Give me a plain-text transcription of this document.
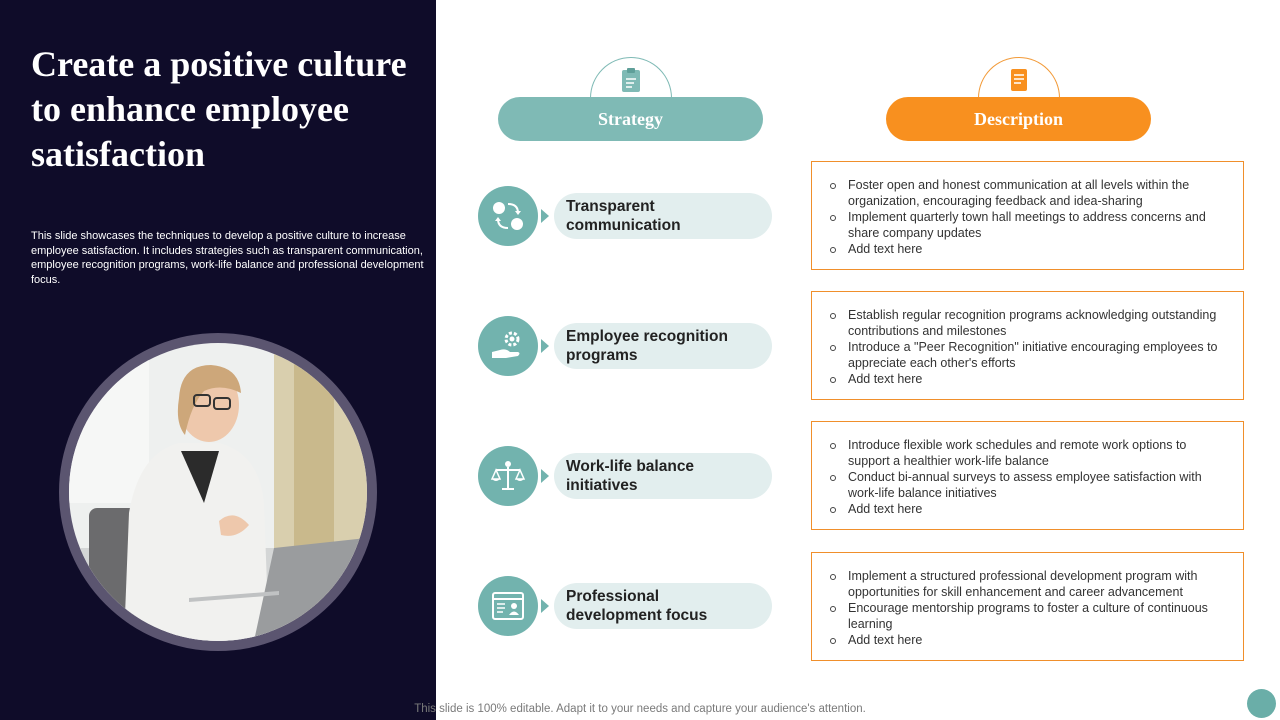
Create a positive culture to enhance employee satisfaction

This slide showcases the techniques to develop a positive culture to increase employee satisfaction. It includes strategies such as transparent communication, employee recognition programs, work-life balance and professional development focus.

Strategy	Description
Transparent communication
Employee recognition programs
Work-life balance initiatives
Professional development focus
Foster open and honest communication at all levels within the organization, encouraging feedback and idea-sharing
Implement quarterly town hall meetings to address concerns and share company updates
Add text here
Establish regular recognition programs acknowledging outstanding contributions and milestones
Introduce a "Peer Recognition" initiative encouraging employees to appreciate each other's efforts
Add text here
Introduce flexible work schedules and remote work options to support a healthier work-life balance
Conduct bi-annual surveys to assess employee satisfaction with work-life balance initiatives
Add text here
Implement a structured professional development program with opportunities for skill enhancement and career advancement
Encourage mentorship programs to foster a culture of continuous learning
Add text here
This slide is 100% editable. Adapt it to your needs and capture your audience's attention.
